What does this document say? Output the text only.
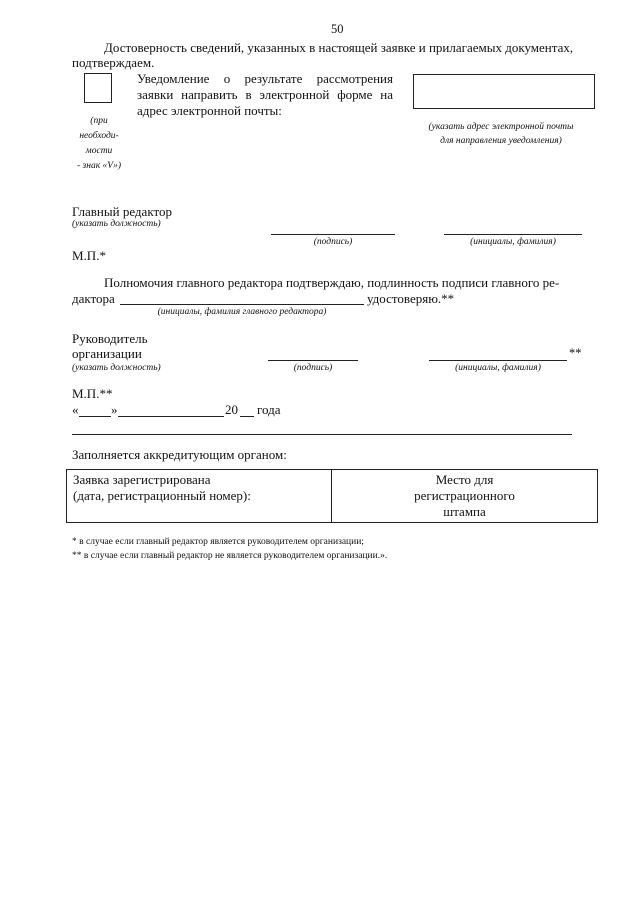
50
Достоверность сведений, указанных в настоящей заявке и прилагаемых документах,
подтверждаем.
(при
необходи-
мости
- знак «V»)
Уведомление о результате рассмотрения
заявки направить в электронной форме на
адрес электронной почты:
(указать адрес электронной почты
для направления уведомления)
Главный редактор
(указать должность)
(подпись)	(инициалы, фамилия)
М.П.*
Полномочия главного редактора подтверждаю, подлинность подписи главного ре-
дактора	удостоверяю.**
(инициалы, фамилия главного редактора)
Руководитель
организации	**
(указать должность)	(подпись)	(инициалы, фамилия)
М.П.**
«	»	20 года
Заполняется аккредитующим органом:
Заявка зарегистрирована
(дата, регистрационный номер):
Место для
регистрационного
штампа
* в случае если главный редактор является руководителем организации;
** в случае если главный редактор не является руководителем организации.».
